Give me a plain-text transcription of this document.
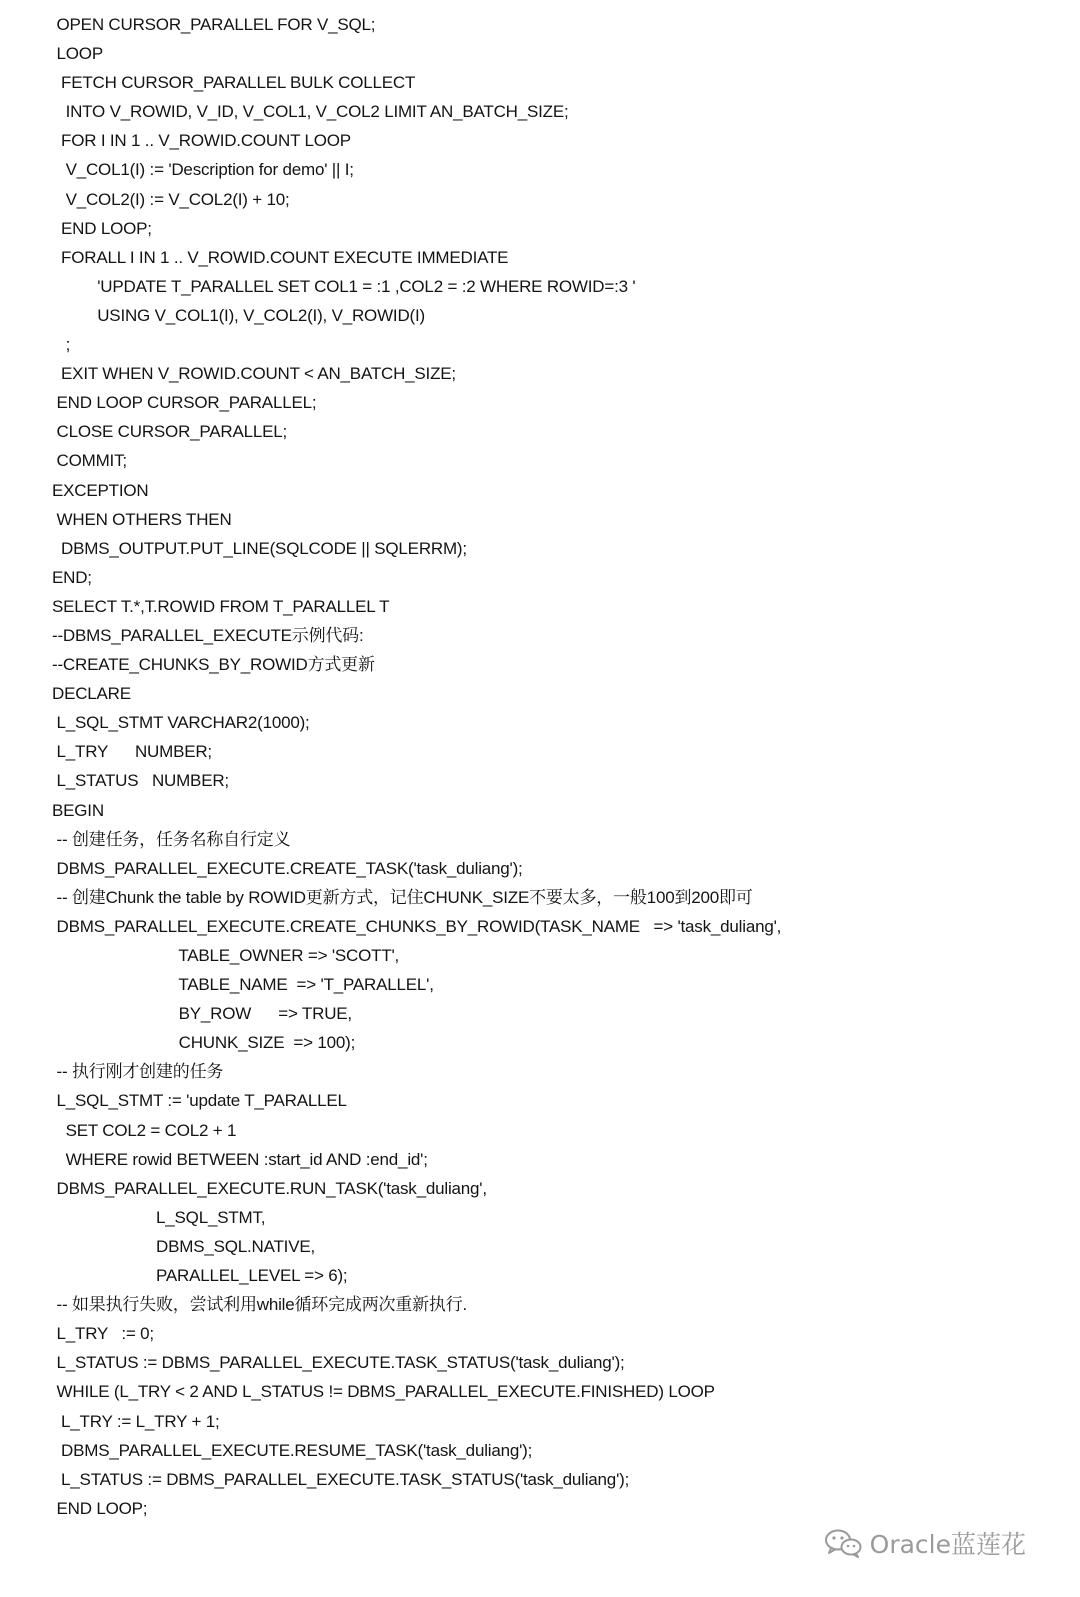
OPEN CURSOR_PARALLEL FOR V_SQL;
LOOP
FETCH CURSOR_PARALLEL BULK COLLECT
INTO V_ROWID, V_ID, V_COL1, V_COL2 LIMIT AN_BATCH_SIZE;
FOR I IN 1 .. V_ROWID.COUNT LOOP
V_COL1(I) := 'Description for demo' || I;
V_COL2(I) := V_COL2(I) + 10;
END LOOP;
FORALL I IN 1 .. V_ROWID.COUNT EXECUTE IMMEDIATE
'UPDATE T_PARALLEL SET COL1 = :1 ,COL2 = :2 WHERE ROWID=:3 '
USING V_COL1(I), V_COL2(I), V_ROWID(I)
;
EXIT WHEN V_ROWID.COUNT < AN_BATCH_SIZE;
END LOOP CURSOR_PARALLEL;
CLOSE CURSOR_PARALLEL;
COMMIT;
EXCEPTION
WHEN OTHERS THEN
DBMS_OUTPUT.PUT_LINE(SQLCODE || SQLERRM);
END;
SELECT T.*,T.ROWID FROM T_PARALLEL T
--DBMS_PARALLEL_EXECUTE示例代码:
--CREATE_CHUNKS_BY_ROWID方式更新
DECLARE
L_SQL_STMT VARCHAR2(1000);
L_TRY      NUMBER;
L_STATUS   NUMBER;
BEGIN
-- 创建任务，任务名称自行定义
DBMS_PARALLEL_EXECUTE.CREATE_TASK('task_duliang');
-- 创建Chunk the table by ROWID更新方式，记住CHUNK_SIZE不要太多，一般100到200即可
DBMS_PARALLEL_EXECUTE.CREATE_CHUNKS_BY_ROWID(TASK_NAME   => 'task_duliang',
TABLE_OWNER => 'SCOTT',
TABLE_NAME  => 'T_PARALLEL',
BY_ROW      => TRUE,
CHUNK_SIZE  => 100);
-- 执行刚才创建的任务
L_SQL_STMT := 'update T_PARALLEL
SET COL2 = COL2 + 1
WHERE rowid BETWEEN :start_id AND :end_id';
DBMS_PARALLEL_EXECUTE.RUN_TASK('task_duliang',
L_SQL_STMT,
DBMS_SQL.NATIVE,
PARALLEL_LEVEL => 6);
-- 如果执行失败，尝试利用while循环完成两次重新执行.
L_TRY   := 0;
L_STATUS := DBMS_PARALLEL_EXECUTE.TASK_STATUS('task_duliang');
WHILE (L_TRY < 2 AND L_STATUS != DBMS_PARALLEL_EXECUTE.FINISHED) LOOP
L_TRY := L_TRY + 1;
DBMS_PARALLEL_EXECUTE.RESUME_TASK('task_duliang');
L_STATUS := DBMS_PARALLEL_EXECUTE.TASK_STATUS('task_duliang');
END LOOP;
Oracle蓝莲花
